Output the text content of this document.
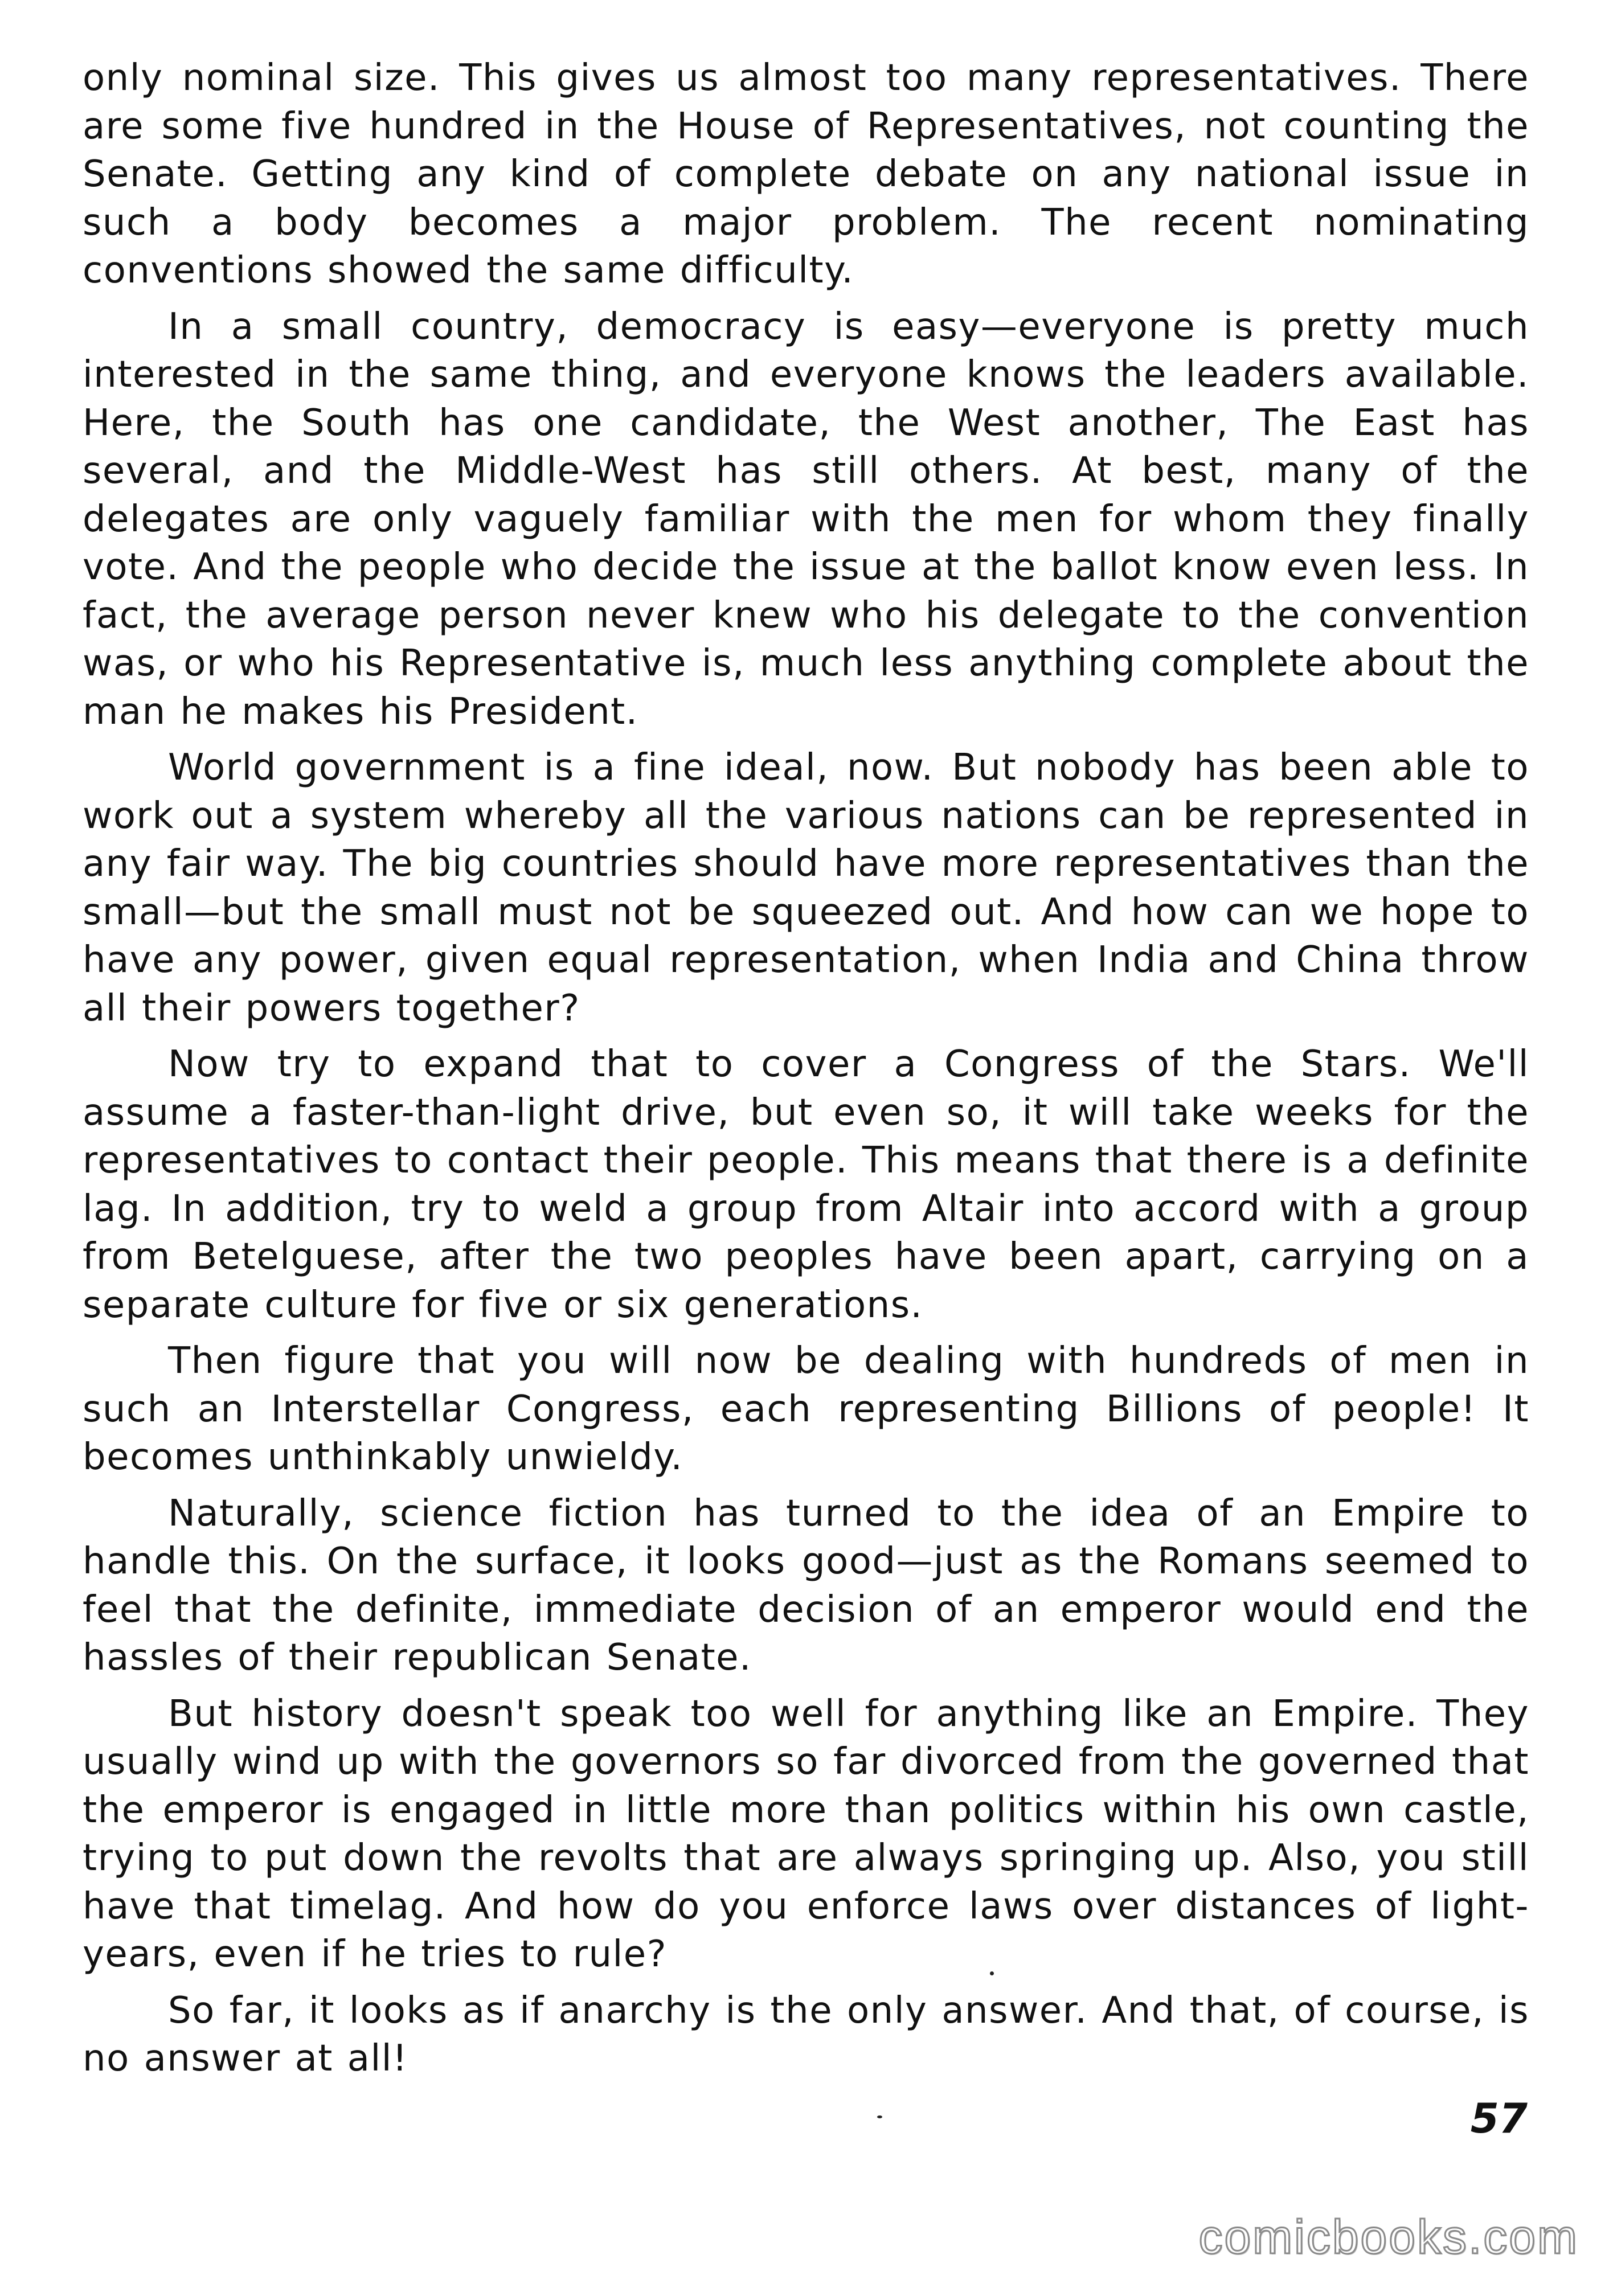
only nominal size. This gives us almost too many representatives. There are some five hundred in the House of Representatives, not counting the Senate. Getting any kind of complete debate on any national issue in such a body becomes a major problem. The recent nominating conventions showed the same difficulty.

In a small country, democracy is easy—everyone is pretty much interested in the same thing, and everyone knows the leaders available. Here, the South has one candidate, the West another, The East has several, and the Middle-West has still others. At best, many of the delegates are only vaguely familiar with the men for whom they finally vote. And the people who decide the issue at the ballot know even less. In fact, the average person never knew who his delegate to the convention was, or who his Representative is, much less anything complete about the man he makes his President.

World government is a fine ideal, now. But nobody has been able to work out a system whereby all the various nations can be represented in any fair way. The big countries should have more representatives than the small—but the small must not be squeezed out. And how can we hope to have any power, given equal representation, when India and China throw all their powers together?

Now try to expand that to cover a Congress of the Stars. We'll assume a faster-than-light drive, but even so, it will take weeks for the representatives to contact their people. This means that there is a definite lag. In addition, try to weld a group from Altair into accord with a group from Betelguese, after the two peoples have been apart, carrying on a separate culture for five or six generations.

Then figure that you will now be dealing with hundreds of men in such an Interstellar Congress, each representing Billions of people! It becomes unthinkably unwieldy.

Naturally, science fiction has turned to the idea of an Empire to handle this. On the surface, it looks good—just as the Romans seemed to feel that the definite, immediate decision of an emperor would end the hassles of their republican Senate.

But history doesn't speak too well for anything like an Empire. They usually wind up with the governors so far divorced from the governed that the emperor is engaged in little more than politics within his own castle, trying to put down the revolts that are always springing up. Also, you still have that timelag. And how do you enforce laws over distances of light-years, even if he tries to rule?

So far, it looks as if anarchy is the only answer. And that, of course, is no answer at all!

57
comicbooks.com
